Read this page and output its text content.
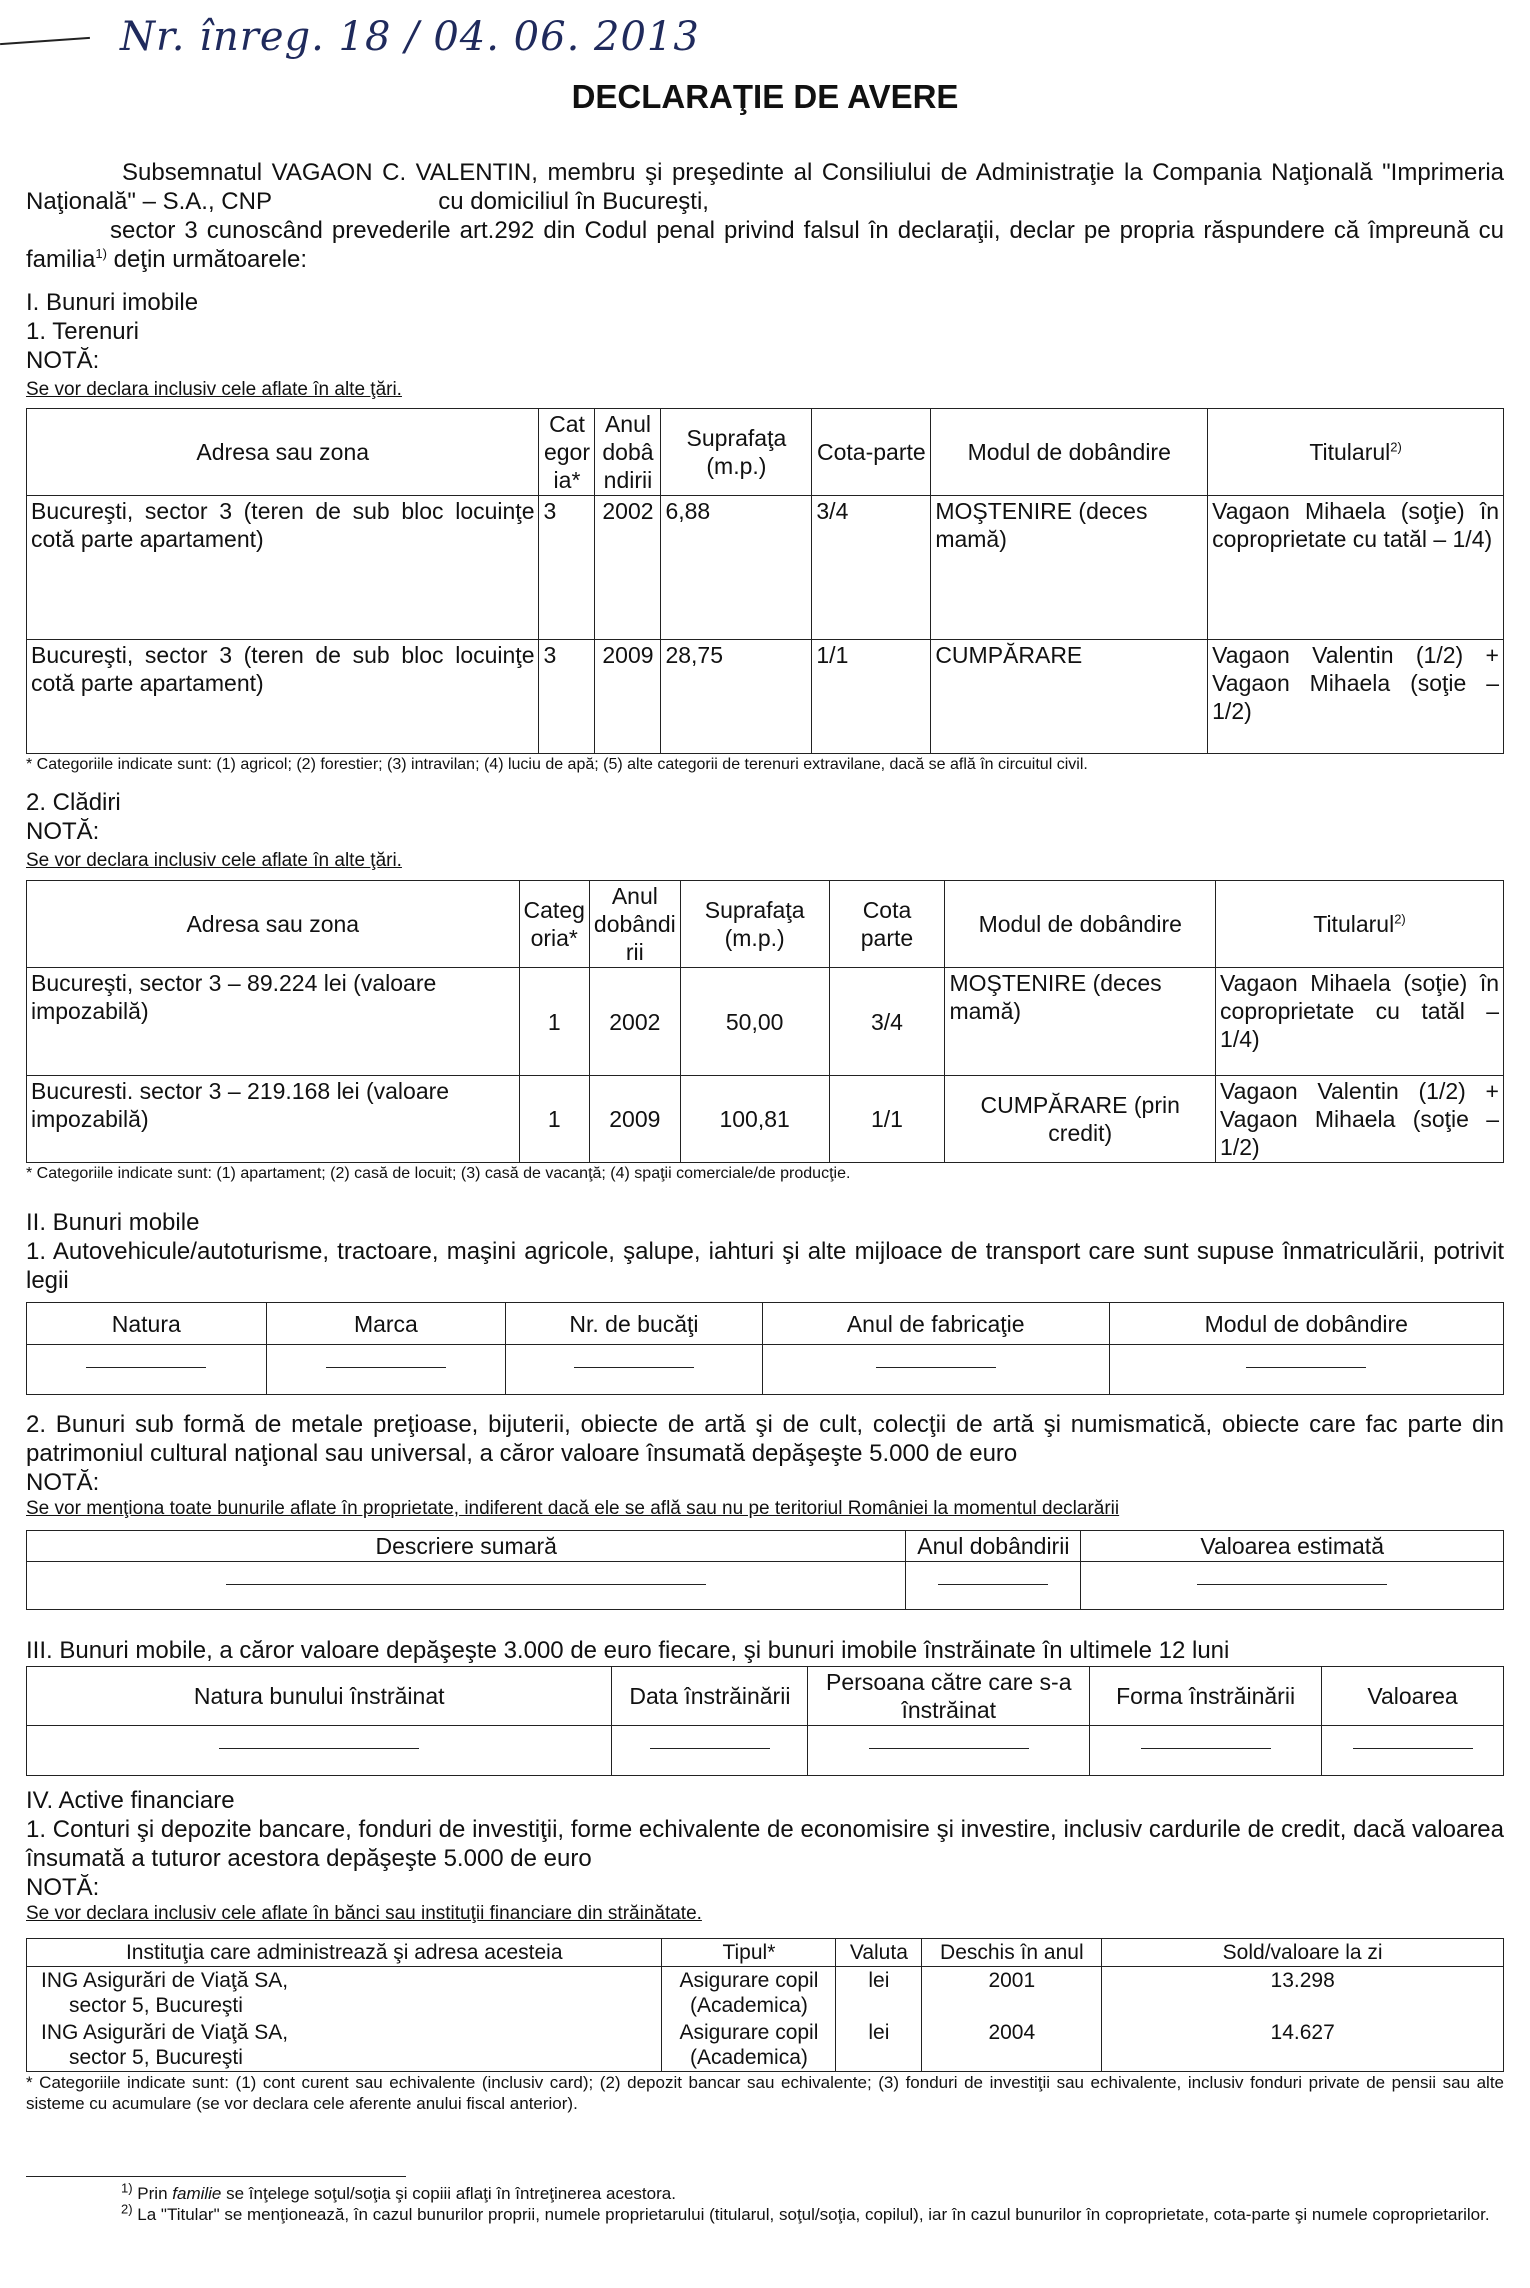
Nr. înreg. 18 / 04. 06. 2013
DECLARAŢIE DE AVERE
Subsemnatul VAGAON C. VALENTIN, membru şi preşedinte al Consiliului de Administraţie la Compania Naţională "Imprimeria Naţională" – S.A., CNP	cu domiciliul în Bucureşti,
sector 3 cunoscând prevederile art.292 din Codul penal privind falsul în declaraţii, declar pe propria răspundere că împreună cu familia$^{1)}$ deţin următoarele:
I. Bunuri imobile
1. Terenuri
NOTĂ:
Se vor declara inclusiv cele aflate în alte ţări.
Adresa sau zona	Cat egor ia*	Anul dobâ ndirii	Suprafaţa (m.p.)	Cota-parte	Modul de dobândire	Titularul$^{2)}$
Bucureşti, sector 3 (teren de sub bloc locuinţe cotă parte apartament)	3	2002	6,88	3/4	MOŞTENIRE (deces mamă)	Vagaon Mihaela (soţie) în coproprietate cu tatăl – 1/4)
Bucureşti, sector 3 (teren de sub bloc locuinţe cotă parte apartament)	3	2009	28,75	1/1	CUMPĂRARE	Vagaon Valentin (1/2) + Vagaon Mihaela (soţie – 1/2)
* Categoriile indicate sunt: (1) agricol; (2) forestier; (3) intravilan; (4) luciu de apă; (5) alte categorii de terenuri extravilane, dacă se află în circuitul civil.
2. Clădiri
NOTĂ:
Se vor declara inclusiv cele aflate în alte ţări.
Adresa sau zona	Categ oria*	Anul dobândi rii	Suprafaţa (m.p.)	Cota parte	Modul de dobândire	Titularul$^{2)}$
Bucureşti, sector 3 – 89.224 lei (valoare impozabilă)	1	2002	50,00	3/4	MOŞTENIRE (deces mamă)	Vagaon Mihaela (soţie) în coproprietate cu tatăl – 1/4)
Bucuresti. sector 3 – 219.168 lei (valoare impozabilă)	1	2009	100,81	1/1	CUMPĂRARE (prin credit)	Vagaon Valentin (1/2) + Vagaon Mihaela (soţie – 1/2)
* Categoriile indicate sunt: (1) apartament; (2) casă de locuit; (3) casă de vacanţă; (4) spaţii comerciale/de producţie.
II. Bunuri mobile
1. Autovehicule/autoturisme, tractoare, maşini agricole, şalupe, iahturi şi alte mijloace de transport care sunt supuse înmatriculării, potrivit legii
Natura	Marca	Nr. de bucăţi	Anul de fabricaţie	Modul de dobândire

2. Bunuri sub formă de metale preţioase, bijuterii, obiecte de artă şi de cult, colecţii de artă şi numismatică, obiecte care fac parte din patrimoniul cultural naţional sau universal, a căror valoare însumată depăşeşte 5.000 de euro
NOTĂ:
Se vor menţiona toate bunurile aflate în proprietate, indiferent dacă ele se află sau nu pe teritoriul României la momentul declarării
Descriere sumară	Anul dobândirii	Valoarea estimată

III. Bunuri mobile, a căror valoare depăşeşte 3.000 de euro fiecare, şi bunuri imobile înstrăinate în ultimele 12 luni
Natura bunului înstrăinat	Data înstrăinării	Persoana către care s-a înstrăinat	Forma înstrăinării	Valoarea

IV. Active financiare
1. Conturi şi depozite bancare, fonduri de investiţii, forme echivalente de economisire şi investire, inclusiv cardurile de credit, dacă valoarea însumată a tuturor acestora depăşeşte 5.000 de euro
NOTĂ:
Se vor declara inclusiv cele aflate în bănci sau instituţii financiare din străinătate.
Instituţia care administrează şi adresa acesteia	Tipul*	Valuta	Deschis în anul	Sold/valoare la zi

ING Asigurări de Viaţă SA,
sector 5, Bucureşti	Asigurare copil (Academica)	lei	2001	13.298

ING Asigurări de Viaţă SA,
sector 5, Bucureşti	Asigurare copil (Academica)	lei	2004	14.627
* Categoriile indicate sunt: (1) cont curent sau echivalente (inclusiv card); (2) depozit bancar sau echivalente; (3) fonduri de investiţii sau echivalente, inclusiv fonduri private de pensii sau alte sisteme cu acumulare (se vor declara cele aferente anului fiscal anterior).
$^{1)}$ Prin familie se înţelege soţul/soţia şi copiii aflaţi în întreţinerea acestora.
$^{2)}$ La "Titular" se menţionează, în cazul bunurilor proprii, numele proprietarului (titularul, soţul/soţia, copilul), iar în cazul bunurilor în coproprietate, cota-parte şi numele coproprietarilor.
